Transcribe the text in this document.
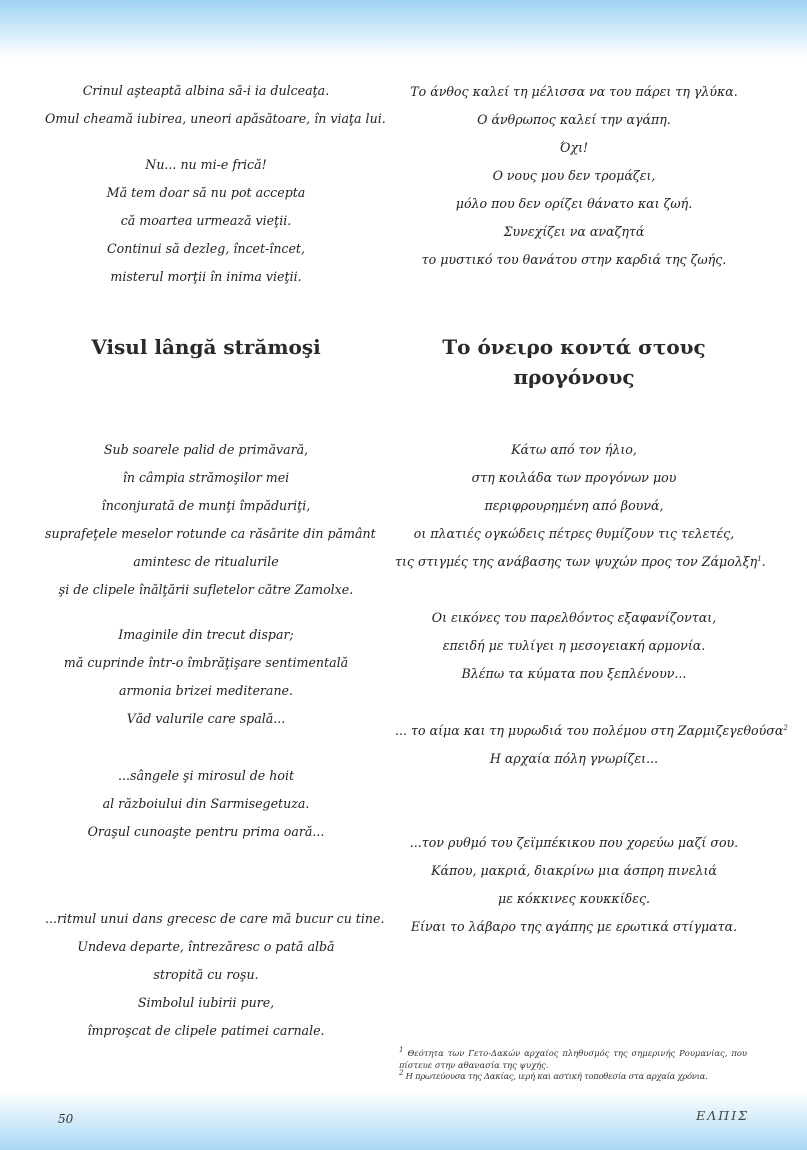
Crinul aşteaptă albina să-i ia dulceaţa.
Omul cheamă iubirea, uneori apăsătoare, în viaţa lui.
Nu... nu mi-e frică!
Mă tem doar să nu pot accepta
că moartea urmează vieţii.
Continui să dezleg, încet-încet,
misterul morţii în inima vieţii.
Visul lângă strămoşi
Sub soarele palid de primăvară,
în câmpia strămoşilor mei
înconjurată de munţi împăduriţi,
suprafeţele meselor rotunde ca răsărite din pământ
amintesc de ritualurile
şi de clipele înălţării sufletelor către Zamolxe.
Imaginile din trecut dispar;
mă cuprinde într-o îmbrăţişare sentimentală
armonia brizei mediterane.
Văd valurile care spală...
...sângele şi mirosul de hoit
al războiului din Sarmisegetuza.
Oraşul cunoaşte pentru prima oară...
...ritmul unui dans grecesc de care mă bucur cu tine.
Undeva departe, întrezăresc o pată albă
stropită cu roşu.
Simbolul iubirii pure,
împroşcat de clipele patimei carnale.
Το άνθος καλεί τη μέλισσα να του πάρει τη γλύκα.
Ο άνθρωπος καλεί την αγάπη.
Όχι!
Ο νους μου δεν τρομάζει,
μόλο που δεν ορίζει θάνατο και ζωή.
Συνεχίζει να αναζητά
το μυστικό του θανάτου στην καρδιά της ζωής.
Το όνειρο κοντά στους
προγόνους
Κάτω από τον ήλιο,
στη κοιλάδα των προγόνων μου
περιφρουρημένη από βουνά,
οι πλατιές ογκώδεις πέτρες θυμίζουν τις τελετές,
τις στιγμές της ανάβασης των ψυχών προς τον Ζάμολξη$^1$.
Οι εικόνες του παρελθόντος εξαφανίζονται,
επειδή με τυλίγει η μεσογειακή αρμονία.
Βλέπω τα κύματα που ξεπλένουν...
... το αίμα και τη μυρωδιά του πολέμου στη Ζαρμιζεγεθούσα$^2$
Η αρχαία πόλη γνωρίζει...
...τον ρυθμό του ζεϊμπέκικου που χορεύω μαζί σου.
Κάπου, μακριά, διακρίνω μια άσπρη πινελιά
με κόκκινες κουκκίδες.
Είναι το λάβαρο της αγάπης με ερωτικά στίγματα.
$^1$ Θεότητα των Γετο-Δακών αρχαίος πληθυσμός της σημερινής Ρουμανίας, που πίστευε στην αθανασία της ψυχής.
$^2$ Η πρωτεύουσα της Δακίας, ιερή και αστική τοποθεσία στα αρχαία χρόνια.
50	ΕΛΠΙΣ
